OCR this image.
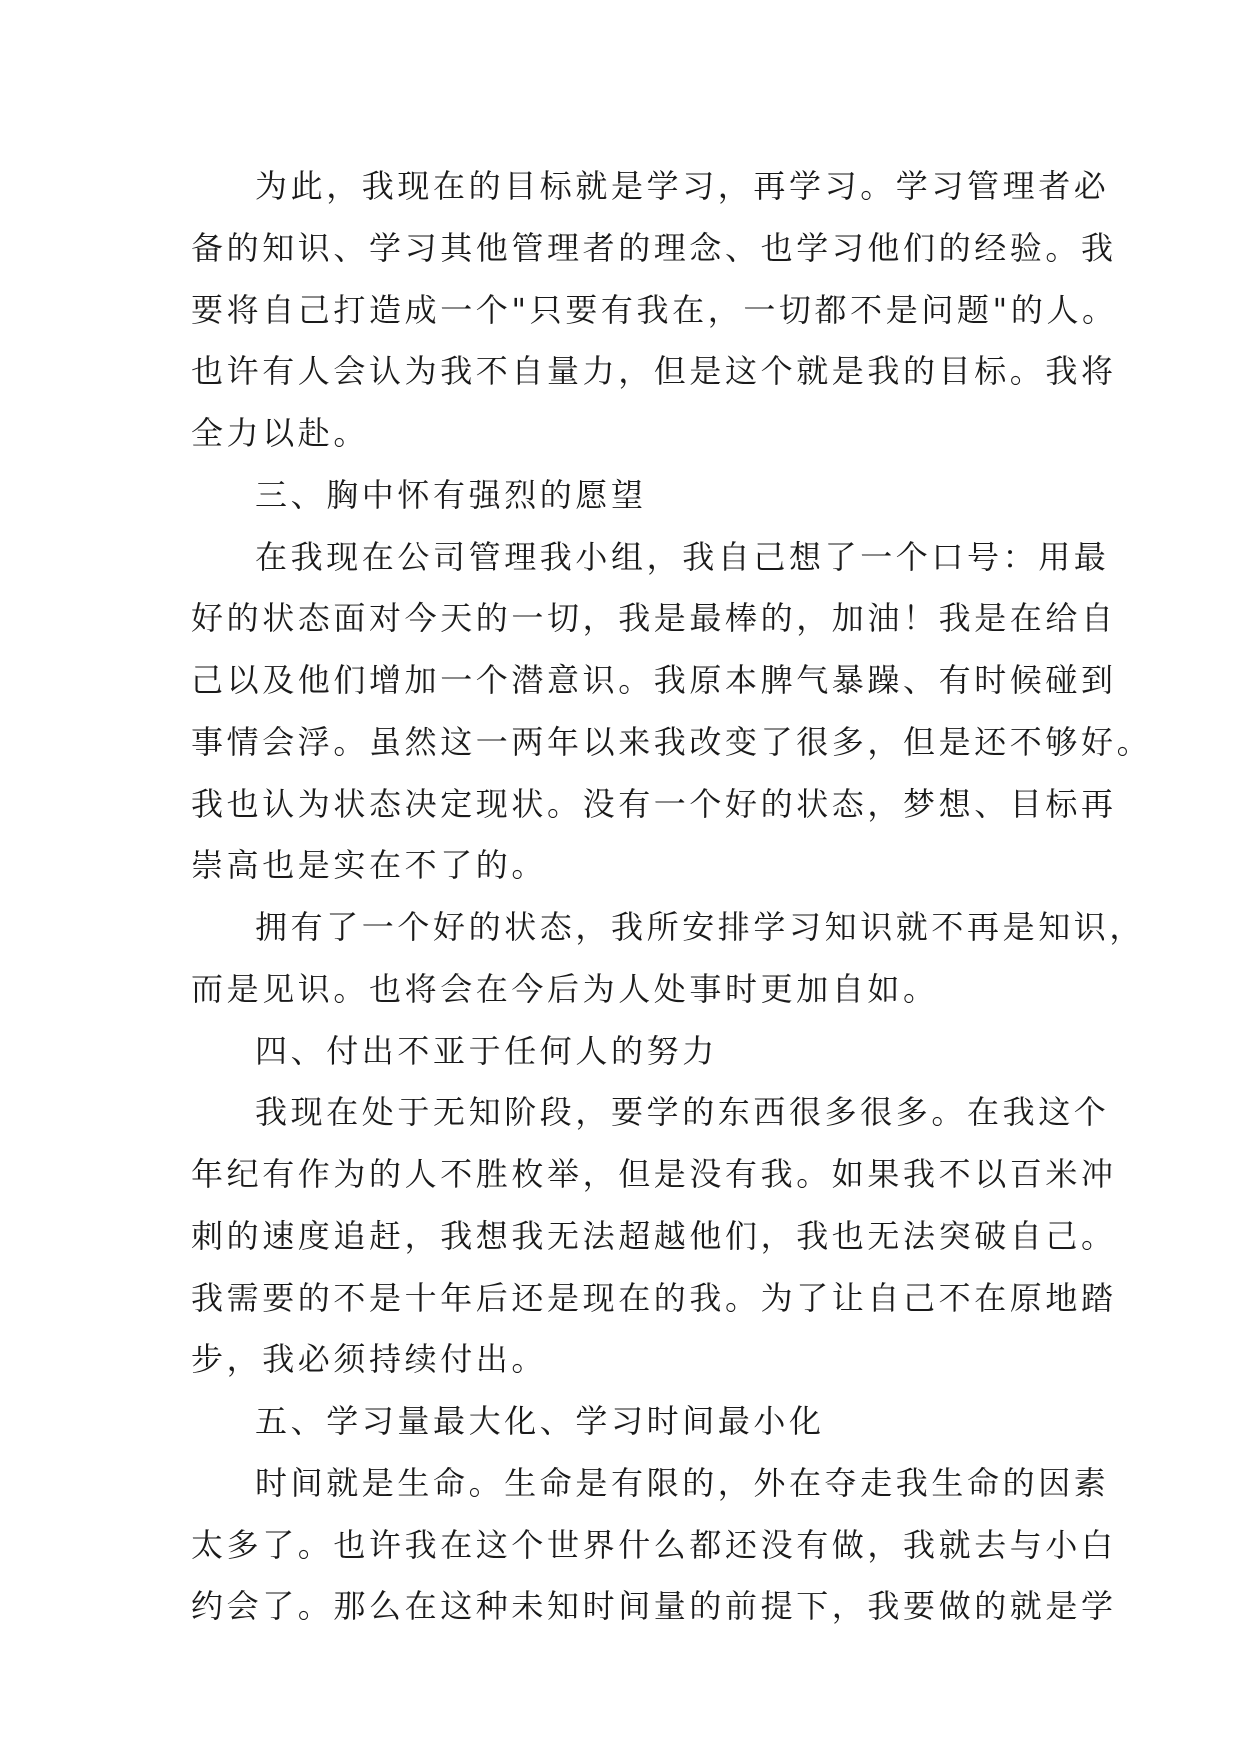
为此，我现在的目标就是学习，再学习。学习管理者必
备的知识、学习其他管理者的理念、也学习他们的经验。我
要将自己打造成一个"只要有我在，一切都不是问题"的人。
也许有人会认为我不自量力，但是这个就是我的目标。我将
全力以赴。
三、胸中怀有强烈的愿望
在我现在公司管理我小组，我自己想了一个口号：用最
好的状态面对今天的一切，我是最棒的，加油！我是在给自
己以及他们增加一个潜意识。我原本脾气暴躁、有时候碰到
事情会浮。虽然这一两年以来我改变了很多，但是还不够好。
我也认为状态决定现状。没有一个好的状态，梦想、目标再
崇高也是实在不了的。
拥有了一个好的状态，我所安排学习知识就不再是知识，
而是见识。也将会在今后为人处事时更加自如。
四、付出不亚于任何人的努力
我现在处于无知阶段，要学的东西很多很多。在我这个
年纪有作为的人不胜枚举，但是没有我。如果我不以百米冲
刺的速度追赶，我想我无法超越他们，我也无法突破自己。
我需要的不是十年后还是现在的我。为了让自己不在原地踏
步，我必须持续付出。
五、学习量最大化、学习时间最小化
时间就是生命。生命是有限的，外在夺走我生命的因素
太多了。也许我在这个世界什么都还没有做，我就去与小白
约会了。那么在这种未知时间量的前提下，我要做的就是学
